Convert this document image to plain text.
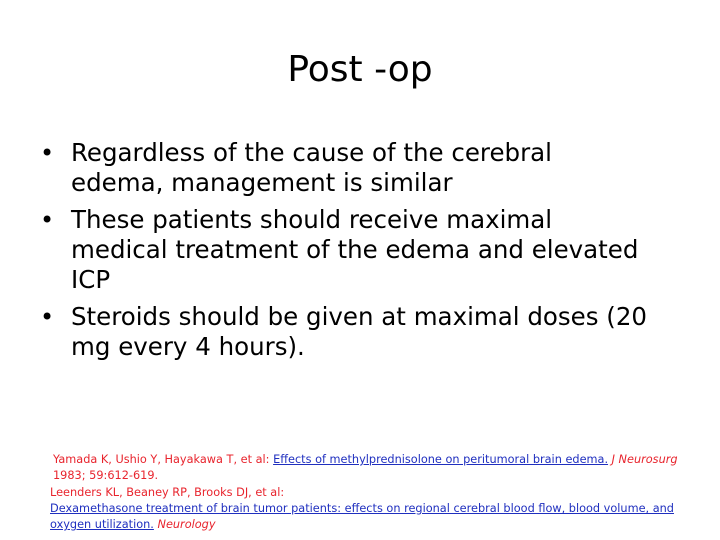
Post -op
• Regardless of the cause of the cerebral
edema, management is similar
• These patients should receive maximal
medical treatment of the edema and elevated
ICP
• Steroids should be given at maximal doses (20
mg every 4 hours).
Yamada K, Ushio Y, Hayakawa T, et al: Effects of methylprednisolone on peritumoral brain edema. J Neurosurg
1983; 59:612-619.
Leenders KL, Beaney RP, Brooks DJ, et al:
Dexamethasone treatment of brain tumor patients: effects on regional cerebral blood flow, blood volume, and
oxygen utilization. Neurology
